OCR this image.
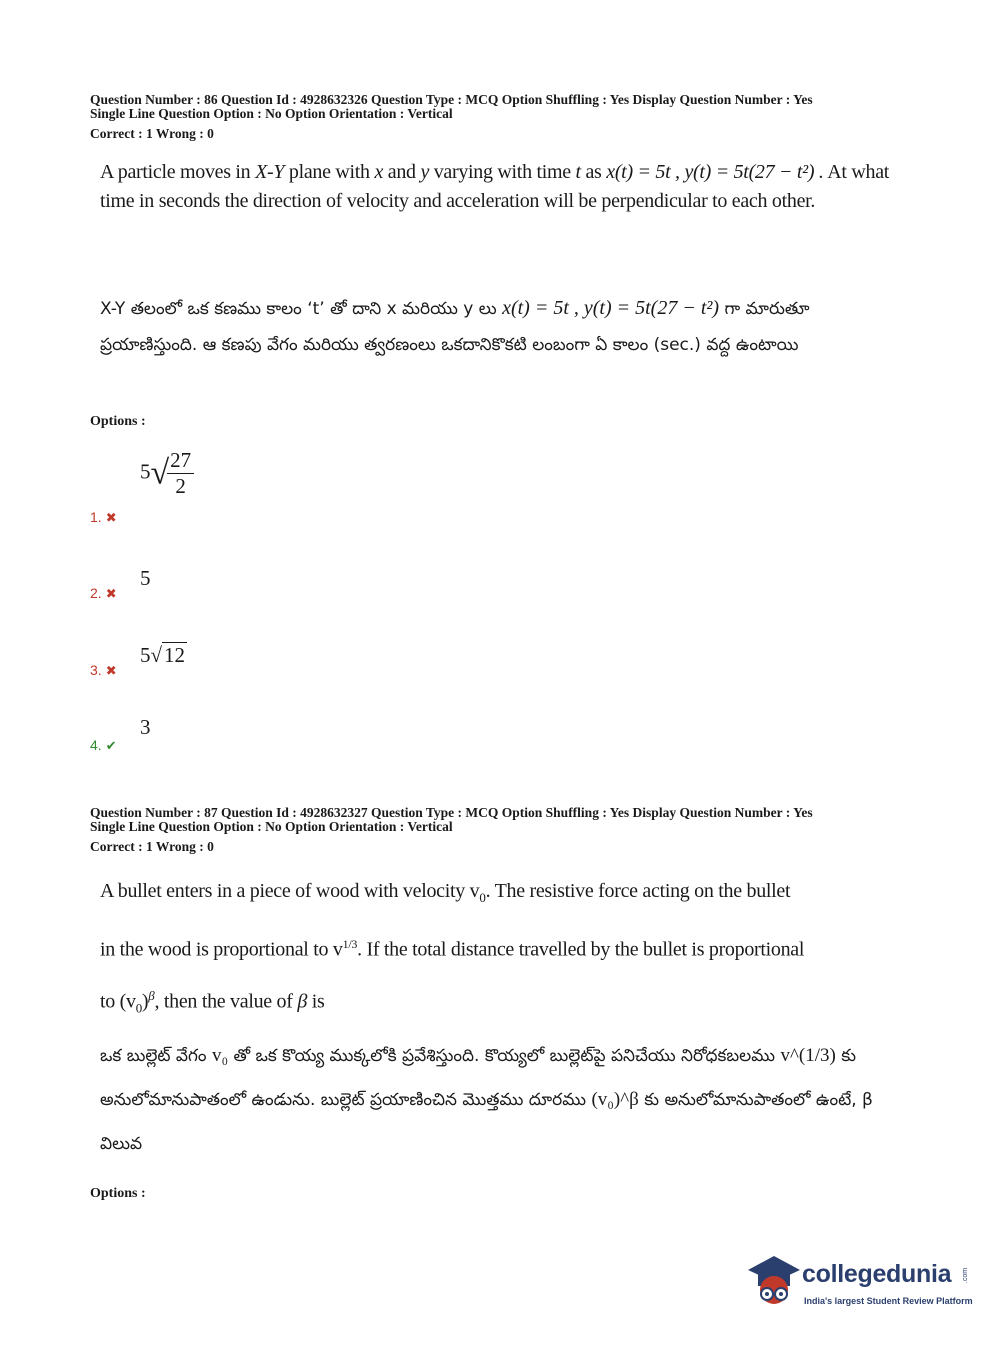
Question Number : 86 Question Id : 4928632326 Question Type : MCQ Option Shuffling : Yes Display Question Number : Yes
Single Line Question Option : No Option Orientation : Vertical
Correct : 1 Wrong : 0
A particle moves in X-Y plane with x and y varying with time t as x(t) = 5t , y(t) = 5t(27 − t²) . At what time in seconds the direction of velocity and acceleration will be perpendicular to each other.
X-Y తలంలో ఒక కణము కాలం ‘t’ తో దాని x మరియు y లు x(t) = 5t , y(t) = 5t(27 − t²) గా మారుతూ ప్రయాణిస్తుంది. ఆ కణపు వేగం మరియు త్వరణంలు ఒకదానికొకటి లంబంగా ఏ కాలం (sec.) వద్ద ఉంటాయి
Options :
5√
$\frac{27}{2}$
1. ✖
5
2. ✖
5√12
3. ✖
3
4. ✔
Question Number : 87 Question Id : 4928632327 Question Type : MCQ Option Shuffling : Yes Display Question Number : Yes
Single Line Question Option : No Option Orientation : Vertical
Correct : 1 Wrong : 0
A bullet enters in a piece of wood with velocity $v_0$. The resistive force acting on the bullet
in the wood is proportional to $v^{1/3}$. If the total distance travelled by the bullet is proportional
to $(v_0)^\beta$, then the value of β is
ఒక బుల్లెట్ వేగం v₀ తో ఒక కొయ్య ముక్కలోకి ప్రవేశిస్తుంది. కొయ్యలో బుల్లెట్‌పై పనిచేయు నిరోధకబలము v^(1/3) కు అనులోమానుపాతంలో ఉండును. బుల్లెట్ ప్రయాణించిన మొత్తము దూరము (v₀)^β కు అనులోమానుపాతంలో ఉంటే, β విలువ
Options :
collegedunia .com
India's largest Student Review Platform
